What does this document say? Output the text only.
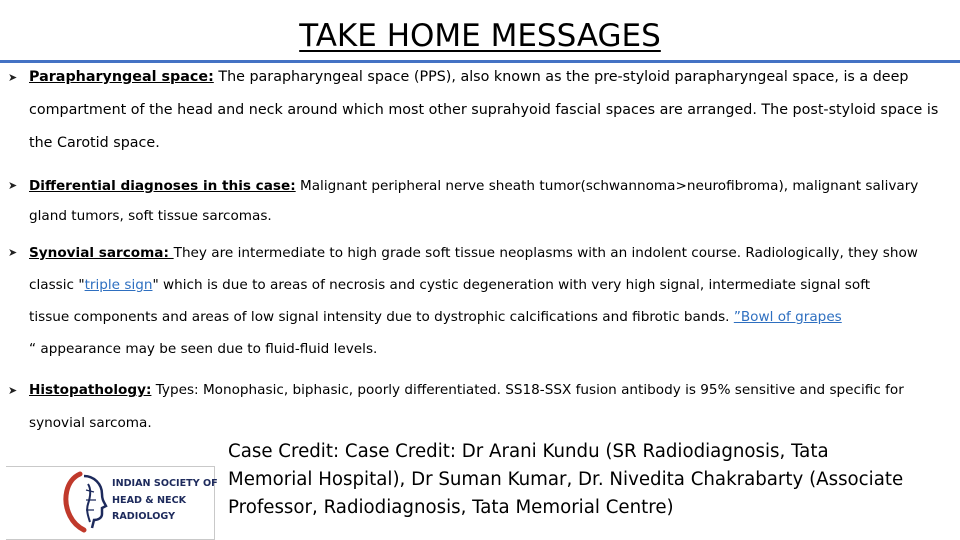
TAKE HOME MESSAGES
➤ Parapharyngeal space: The parapharyngeal space (PPS), also known as the pre-styloid parapharyngeal space, is a deep
compartment of the head and neck around which most other suprahyoid fascial spaces are arranged. The post-styloid space is
the Carotid space.
➤ Differential diagnoses in this case: Malignant peripheral nerve sheath tumor(schwannoma>neurofibroma), malignant salivary
gland tumors, soft tissue sarcomas.
➤ Synovial sarcoma: They are intermediate to high grade soft tissue neoplasms with an indolent course. Radiologically, they show
classic "triple sign" which is due to areas of necrosis and cystic degeneration with very high signal, intermediate signal soft
tissue components and areas of low signal intensity due to dystrophic calcifications and fibrotic bands. ”Bowl of grapes
“ appearance may be seen due to fluid-fluid levels.
➤ Histopathology: Types: Monophasic, biphasic, poorly differentiated. SS18-SSX fusion antibody is 95% sensitive and specific for
synovial sarcoma.
Case Credit: Case Credit: Dr Arani Kundu (SR Radiodiagnosis, Tata
Memorial Hospital), Dr Suman Kumar, Dr. Nivedita Chakrabarty (Associate
Professor, Radiodiagnosis, Tata Memorial Centre)
INDIAN SOCIETY OF
HEAD & NECK
RADIOLOGY
